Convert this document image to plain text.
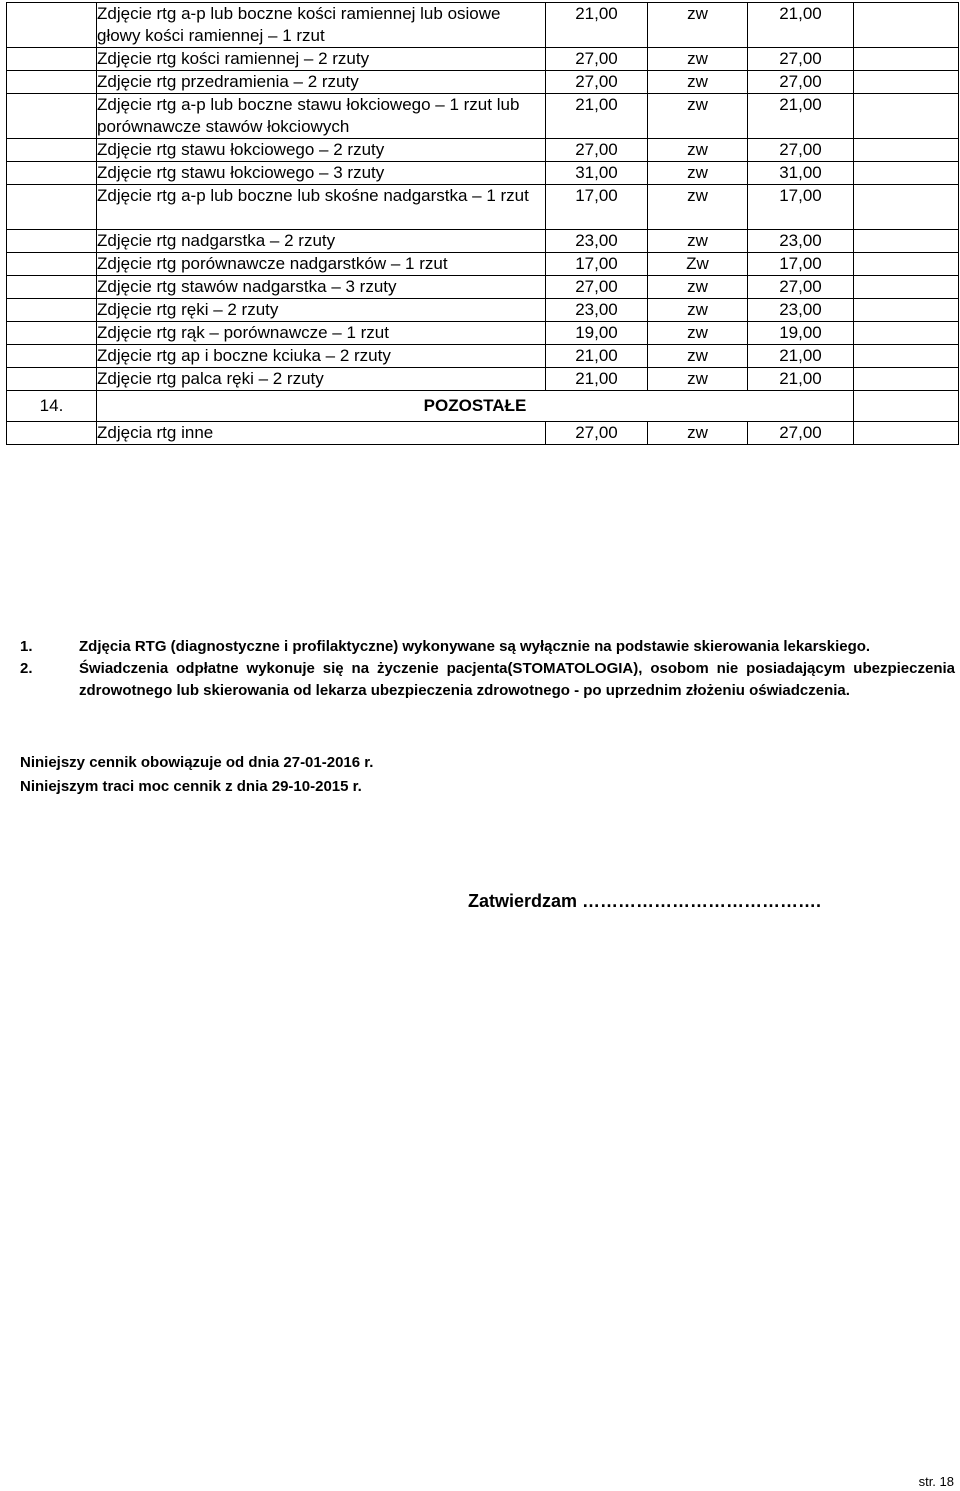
	Zdjęcie rtg a-p lub boczne kości ramiennej lub osiowe głowy kości ramiennej – 1 rzut	21,00	zw	21,00	
	Zdjęcie rtg kości ramiennej – 2 rzuty	27,00	zw	27,00	
	Zdjęcie rtg przedramienia – 2 rzuty	27,00	zw	27,00	
	Zdjęcie rtg a-p lub boczne stawu łokciowego – 1 rzut lub porównawcze stawów łokciowych	21,00	zw	21,00	
	Zdjęcie rtg stawu łokciowego – 2 rzuty	27,00	zw	27,00	
	Zdjęcie rtg stawu łokciowego – 3 rzuty	31,00	zw	31,00	
	Zdjęcie rtg a-p lub boczne lub skośne nadgarstka – 1 rzut	17,00	zw	17,00	
	Zdjęcie rtg nadgarstka – 2 rzuty	23,00	zw	23,00	
	Zdjęcie rtg porównawcze nadgarstków – 1 rzut	17,00	Zw	17,00	
	Zdjęcie rtg stawów nadgarstka – 3 rzuty	27,00	zw	27,00	
	Zdjęcie rtg ręki – 2 rzuty	23,00	zw	23,00	
	Zdjęcie rtg rąk – porównawcze – 1 rzut	19,00	zw	19,00	
	Zdjęcie rtg ap i boczne kciuka – 2 rzuty	21,00	zw	21,00	
	Zdjęcie rtg palca ręki – 2 rzuty	21,00	zw	21,00	
14.	POZOSTAŁE				
	Zdjęcia rtg inne	27,00	zw	27,00	
1.	Zdjęcia RTG (diagnostyczne i profilaktyczne) wykonywane są wyłącznie na podstawie skierowania lekarskiego.
2.	Świadczenia odpłatne wykonuje się na życzenie pacjenta(STOMATOLOGIA), osobom nie posiadającym ubezpieczenia zdrowotnego lub skierowania od lekarza ubezpieczenia zdrowotnego - po uprzednim złożeniu oświadczenia.
Niniejszy cennik obowiązuje od dnia 27-01-2016 r.
Niniejszym traci moc cennik z dnia 29-10-2015 r.
Zatwierdzam ………………………………….
str. 18
